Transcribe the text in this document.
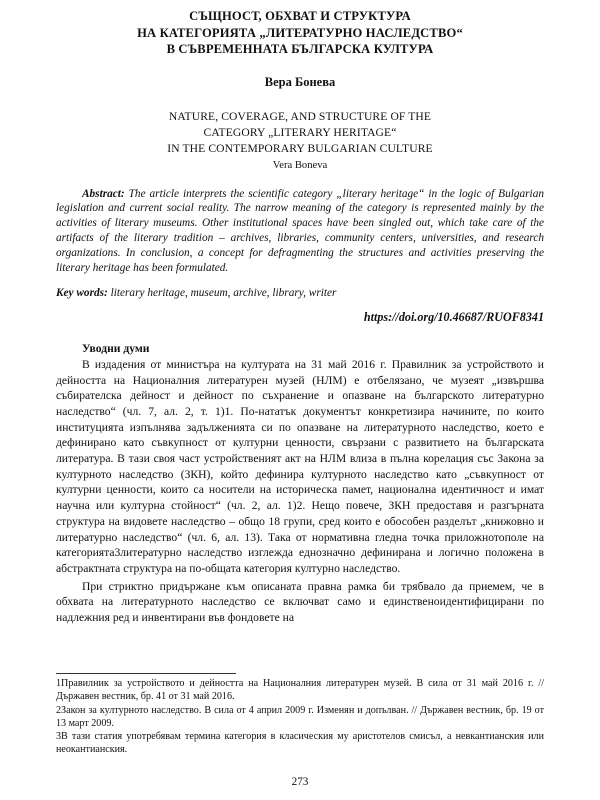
СЪЩНОСТ, ОБХВАТ И СТРУКТУРА
НА КАТЕГОРИЯТА „ЛИТЕРАТУРНО НАСЛЕДСТВО“
В СЪВРЕМЕННАТА БЪЛГАРСКА КУЛТУРА
Вера Бонева
NATURE, COVERAGE, AND STRUCTURE OF THE
CATEGORY „LITERARY HERITAGE“
IN THE CONTEMPORARY BULGARIAN CULTURE
Vera Boneva
Abstract: The article interprets the scientific category „literary heritage“ in the logic of Bulgarian legislation and current social reality. The narrow meaning of the category is represented mainly by the activities of literary museums. Other institutional spaces have been singled out, which take care of the artifacts of the literary tradition – archives, libraries, community centers, universities, and research organizations. In conclusion, a concept for defragmenting the structures and activities preserving the literary heritage has been formulated.
Key words: literary heritage, museum, archive, library, writer
https://doi.org/10.46687/RUOF8341
Уводни думи
В издадения от министъра на културата на 31 май 2016 г. Правилник за устройството и дейността на Националния литературен музей (НЛМ) е отбелязано, че музеят „извършва събирателска дейност и дейност по съхранение и опазване на българското литературно наследство“ (чл. 7, ал. 2, т. 1)1. По-нататък документът конкретизира начините, по които институцията изпълнява задълженията си по опазване на литературното наследство, което е дефинирано като съвкупност от културни ценности, свързани с развитието на българската литература. В тази своя част устройственият акт на НЛМ влиза в пълна корелация със Закона за културното наследство (ЗКН), който дефинира културното наследство като „съвкупност от културни ценности, които са носители на историческа памет, национална идентичност и имат научна или културна стойност“ (чл. 2, ал. 1)2. Нещо повече, ЗКН предоставя и разгърната структура на видовете наследство – общо 18 групи, сред които е обособен разделът „книжовно и литературно наследство“ (чл. 6, ал. 13). Така от нормативна гледна точка приложнотополе на категорията3литературно наследство изглежда еднозначно дефинирана и логично положена в абстрактната структура на по-общата категория културно наследство.
При стриктно придържане към описаната правна рамка би трябвало да приемем, че в обхвата на литературното наследство се включват само и единственоидентифицирани по надлежния ред и инвентирани във фондовете на

1Правилник за устройството и дейността на Националния литературен музей. В сила от 31 май 2016 г. // Държавен вестник, бр. 41 от 31 май 2016.

2Закон за културното наследство. В сила от 4 април 2009 г. Изменян и допълван. // Държавен вестник, бр. 19 от 13 март 2009.

3В тази статия употребявам термина категория в класическия му аристотелов смисъл, а невкантианския или неокантианския.

273
